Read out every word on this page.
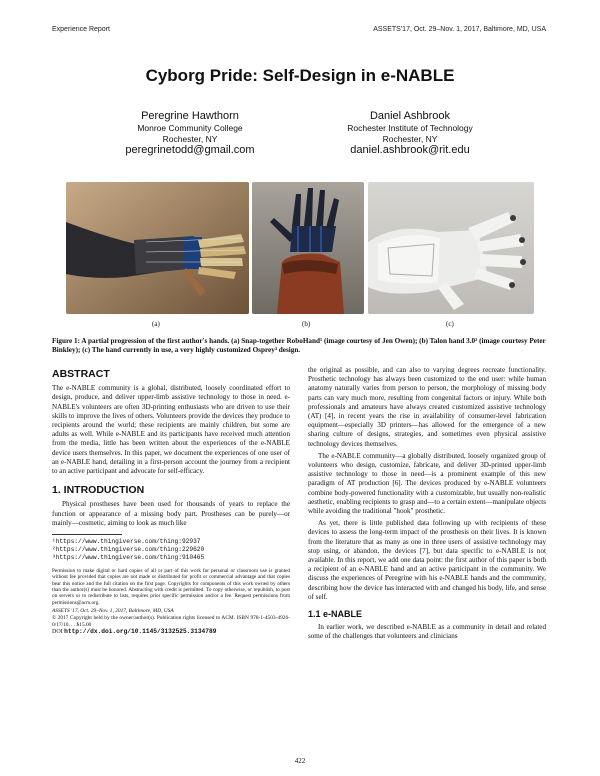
Experience Report	ASSETS'17, Oct. 29–Nov. 1, 2017, Baltimore, MD, USA
Cyborg Pride: Self-Design in e-NABLE
Peregrine Hawthorn
Monroe Community College
Rochester, NY
peregrinetodd@gmail.com
Daniel Ashbrook
Rochester Institute of Technology
Rochester, NY
daniel.ashbrook@rit.edu
(a)	(b)	(c)
Figure 1: A partial progression of the first author's hands. (a) Snap-together RoboHand¹ (image courtesy of Jen Owen); (b) Talon hand 3.0² (image courtesy Peter Binkley); (c) The hand currently in use, a very highly customized Osprey³ design.
ABSTRACT

The e-NABLE community is a global, distributed, loosely coordinated effort to design, produce, and deliver upper-limb assistive technology to those in need. e-NABLE's volunteers are often 3D-printing enthusiasts who are driven to use their skills to improve the lives of others. Volunteers provide the devices they produce to recipients around the world; these recipients are mainly children, but some are adults as well. While e-NABLE and its participants have received much attention from the media, little has been written about the experiences of the e-NABLE device users themselves. In this paper, we document the experiences of one user of an e-NABLE hand, detailing in a first-person account the journey from a recipient to an active participant and advocate for self-efficacy.

1. INTRODUCTION

Physical prostheses have been used for thousands of years to replace the function or appearance of a missing body part. Prostheses can be purely—or mainly—cosmetic, aiming to look as much like

¹https://www.thingiverse.com/thing:92937
²https://www.thingiverse.com/thing:229620
³https://www.thingiverse.com/thing:910465
Permission to make digital or hard copies of all or part of this work for personal or classroom use is granted without fee provided that copies are not made or distributed for profit or commercial advantage and that copies bear this notice and the full citation on the first page. Copyrights for components of this work owned by others than the author(s) must be honored. Abstracting with credit is permitted. To copy otherwise, or republish, to post on servers or to redistribute to lists, requires prior specific permission and/or a fee. Request permissions from permissions@acm.org.
ASSETS '17, Oct. 29–Nov. 1, 2017, Baltimore, MD, USA
© 2017 Copyright held by the owner/author(s). Publication rights licensed to ACM. ISBN 978-1-4503-4926-0/17/10. . . $15.00
DOI http://dx.doi.org/10.1145/3132525.3134789

the original as possible, and can also to varying degrees recreate functionality. Prosthetic technology has always been customized to the end user: while human anatomy naturally varies from person to person, the morphology of missing body parts can vary much more, resulting from congenital factors or injury. While both professionals and amateurs have always created customized assistive technology (AT) [4], in recent years the rise in availability of consumer-level fabrication equipment—especially 3D printers—has allowed for the emergence of a new sharing culture of designs, strategies, and sometimes even physical assistive technology devices themselves.

The e-NABLE community—a globally distributed, loosely organized group of volunteers who design, customize, fabricate, and deliver 3D-printed upper-limb assistive technology to those in need—is a prominent example of this new paradigm of AT production [6]. The devices produced by e-NABLE volunteers combine body-powered functionality with a customizable, but usually non-realistic aesthetic, enabling recipients to grasp and—to a certain extent—manipulate objects while avoiding the traditional "hook" prosthetic.

As yet, there is little published data following up with recipients of these devices to assess the long-term impact of the prosthesis on their lives. It is known from the literature that as many as one in three users of assistive technology may stop using, or abandon, the devices [7], but data specific to e-NABLE is not available. In this report, we add one data point: the first author of this paper is both a recipient of an e-NABLE hand and an active participant in the community. We discuss the experiences of Peregrine with his e-NABLE hands and the community, describing how the device has interacted with and changed his body, life, and sense of self.

1.1 e-NABLE

In earlier work, we described e-NABLE as a community in detail and related some of the challenges that volunteers and clinicians

422
